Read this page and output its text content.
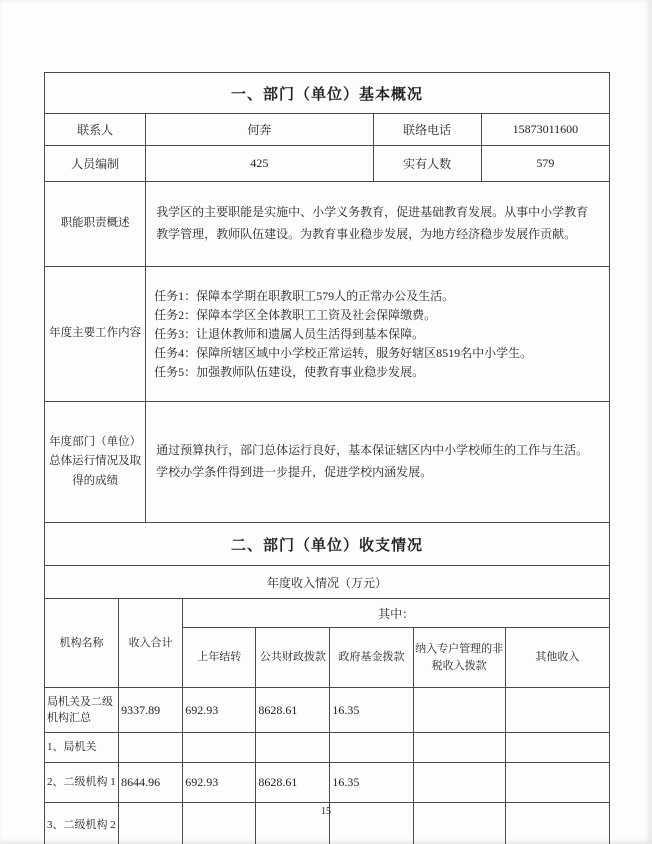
一、部门（单位）基本概况			
联系人	何奔	联络电话	15873011600
人员编制	425	实有人数	579
职能职责概述	我学区的主要职能是实施中、小学义务教育，促进基础教育发展。从事中小学教育教学管理，教师队伍建设。为教育事业稳步发展，为地方经济稳步发展作贡献。		
年度主要工作内容	任务1：保障本学期在职教职工579人的正常办公及生活。
任务2：保障本学区全体教职工工资及社会保障缴费。
任务3：让退休教师和遗属人员生活得到基本保障。
任务4：保障所辖区域中小学校正常运转，服务好辖区8519名中小学生。
任务5：加强教师队伍建设，使教育事业稳步发展。		

年度部门（单位）总体运行情况及取得的成绩	通过预算执行，部门总体运行良好，基本保证辖区内中小学校师生的工作与生活。学校办学条件得到进一步提升，促进学校内涵发展。		
二、部门（单位）收支情况						
年度收入情况（万元）						
机构名称	收入合计	其中：				
		上年结转	公共财政拨款	政府基金拨款	纳入专户管理的非税收入拨款	其他收入
局机关及二级机构汇总	9337.89	692.93	8628.61	16.35		
1、局机关						
2、二级机构 1	8644.96	692.93	8628.61	16.35		
3、二级机构 2						
15
